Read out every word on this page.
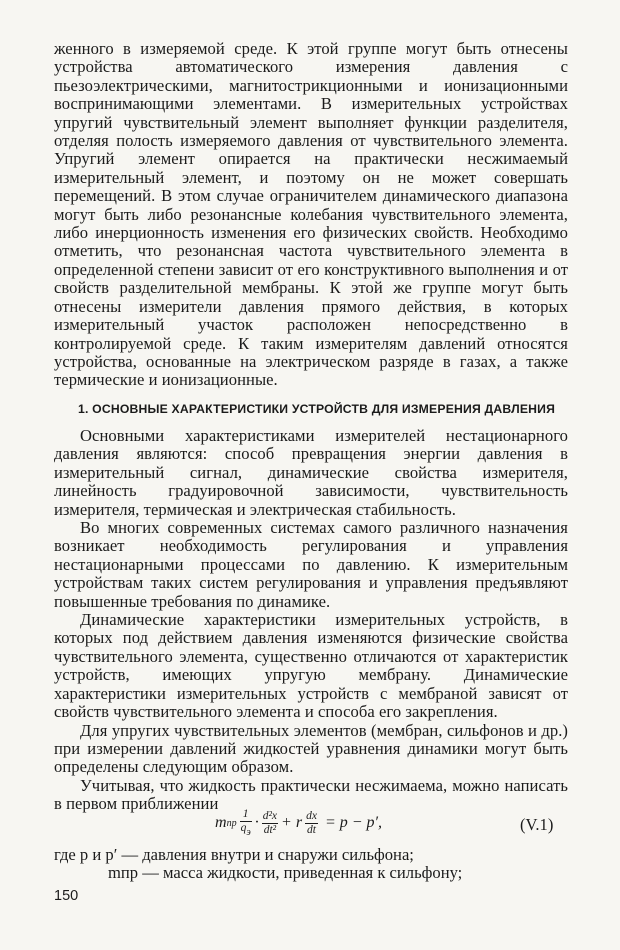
женного в измеряемой среде. К этой группе могут быть отнесены устройства автоматического измерения давления с пьезоэлектрическими, магнитострикционными и ионизационными воспринимающими элементами. В измерительных устройствах упругий чувствительный элемент выполняет функции разделителя, отделяя полость измеряемого давления от чувствительного элемента. Упругий элемент опирается на практически несжимаемый измерительный элемент, и поэтому он не может совершать перемещений. В этом случае ограничителем динамического диапазона могут быть либо резонансные колебания чувствительного элемента, либо инерционность изменения его физических свойств. Необходимо отметить, что резонансная частота чувствительного элемента в определенной степени зависит от его конструктивного выполнения и от свойств разделительной мембраны. К этой же группе могут быть отнесены измерители давления прямого действия, в которых измерительный участок расположен непосредственно в контролируемой среде. К таким измерителям давлений относятся устройства, основанные на электрическом разряде в газах, а также термические и ионизационные.

1. ОСНОВНЫЕ ХАРАКТЕРИСТИКИ УСТРОЙСТВ ДЛЯ ИЗМЕРЕНИЯ ДАВЛЕНИЯ

Основными характеристиками измерителей нестационарного давления являются: способ превращения энергии давления в измерительный сигнал, динамические свойства измерителя, линейность градуировочной зависимости, чувствительность измерителя, термическая и электрическая стабильность.

Во многих современных системах самого различного назначения возникает необходимость регулирования и управления нестационарными процессами по давлению. К измерительным устройствам таких систем регулирования и управления предъявляют повышенные требования по динамике.

Динамические характеристики измерительных устройств, в которых под действием давления изменяются физические свойства чувствительного элемента, существенно отличаются от характеристик устройств, имеющих упругую мембрану. Динамические характеристики измерительных устройств с мембраной зависят от свойств чувствительного элемента и способа его закрепления.

Для упругих чувствительных элементов (мембран, сильфонов и др.) при измерении давлений жидкостей уравнения динамики могут быть определены следующим образом.

Учитывая, что жидкость практически несжимаема, можно написать в первом приближении

m пр $\frac{1}{qэ} \cdot \frac{\text{d²x}}{\text{dt²}} + r \frac{dx}{dt} = p - p'$,	(V.1)
где p и p′ — давления внутри и снаружи сильфона;
mпр — масса жидкости, приведенная к сильфону;
150
